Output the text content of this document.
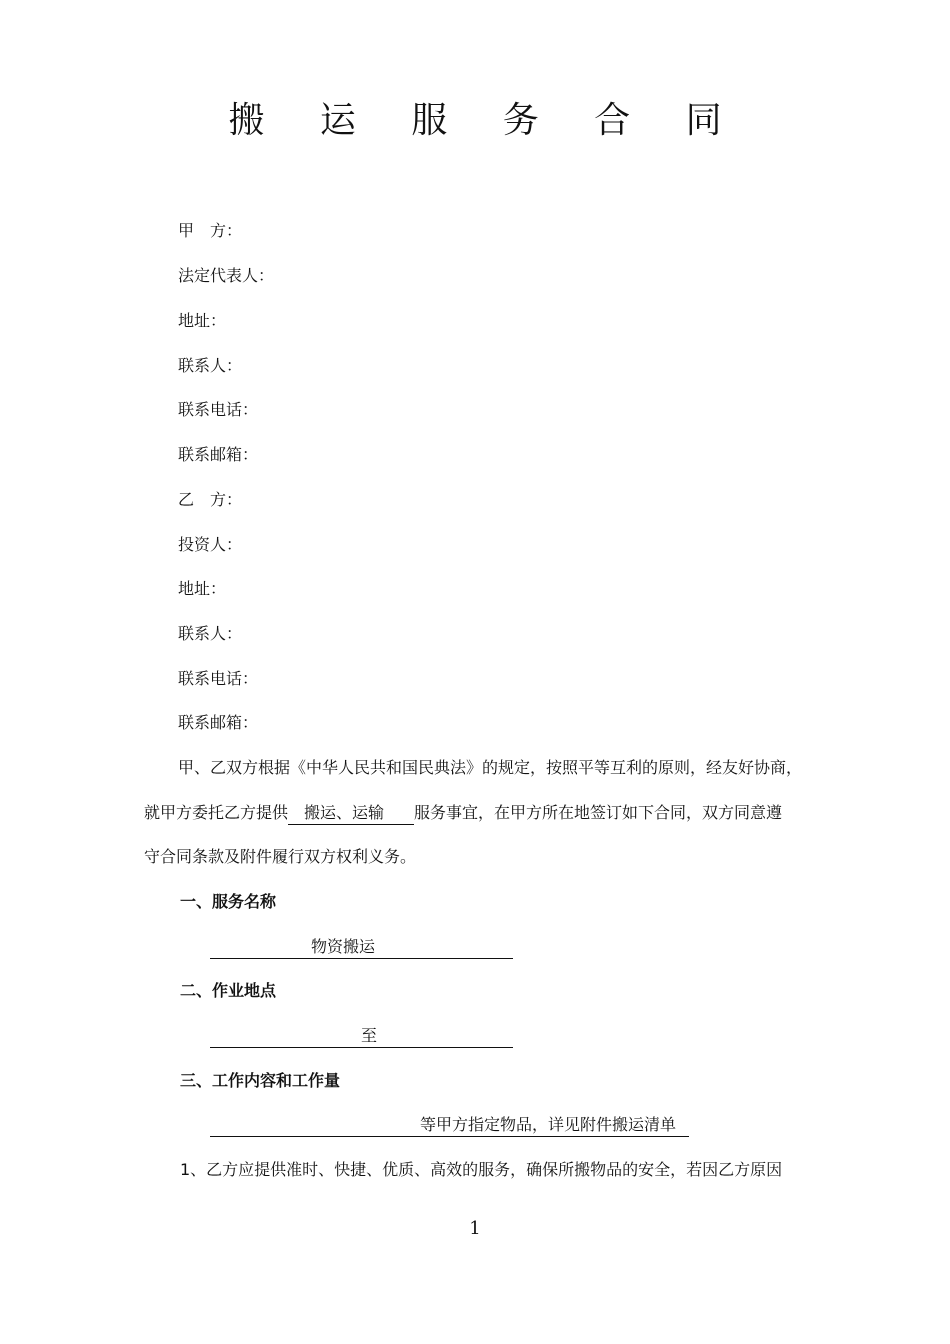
搬 运 服 务 合 同
甲　方：
法定代表人：
地址：
联系人：
联系电话：
联系邮箱：
乙　方：
投资人：
地址：
联系人：
联系电话：
联系邮箱：
甲、乙双方根据《中华人民共和国民典法》的规定，按照平等互利的原则，经友好协商，
就甲方委托乙方提供 搬运、运输 服务事宜，在甲方所在地签订如下合同，双方同意遵
守合同条款及附件履行双方权利义务。
一、服务名称
物资搬运
二、作业地点
至
三、工作内容和工作量
等甲方指定物品，详见附件搬运清单
1、乙方应提供准时、快捷、优质、高效的服务，确保所搬物品的安全，若因乙方原因
1
